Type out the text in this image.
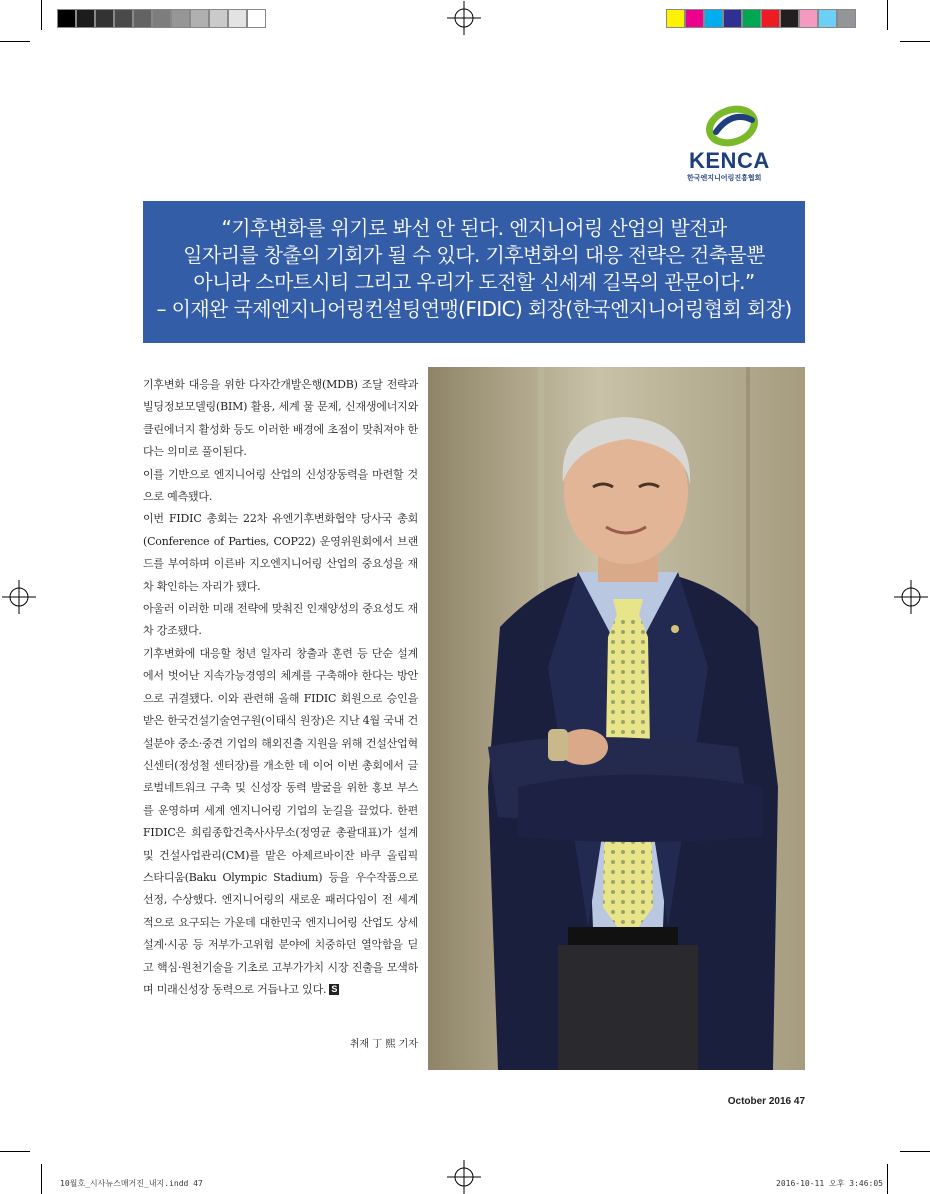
KENCA
한국엔지니어링진흥협회
“기후변화를 위기로 봐선 안 된다. 엔지니어링 산업의 발전과
일자리를 창출의 기회가 될 수 있다. 기후변화의 대응 전략은 건축물뿐
아니라 스마트시티 그리고 우리가 도전할 신세계 길목의 관문이다.”
– 이재완 국제엔지니어링컨설팅연맹(FIDIC) 회장(한국엔지니어링협회 회장)

기후변화 대응을 위한 다자간개발은행(MDB) 조달 전략과 빌딩정보모델링(BIM) 활용, 세계 물 문제, 신재생에너지와 클린에너지 활성화 등도 이러한 배경에 초점이 맞춰져야 한다는 의미로 풀이된다.

이를 기반으로 엔지니어링 산업의 신성장동력을 마련할 것으로 예측됐다.

이번 FIDIC 총회는 22차 유엔기후변화협약 당사국 총회(Conference of Parties, COP22) 운영위원회에서 브랜드를 부여하며 이른바 지오엔지니어링 산업의 중요성을 재차 확인하는 자리가 됐다.

아울러 이러한 미래 전략에 맞춰진 인재양성의 중요성도 재차 강조됐다.

기후변화에 대응할 청년 일자리 창출과 훈련 등 단순 설계에서 벗어난 지속가능경영의 체계를 구축해야 한다는 방안으로 귀결됐다. 이와 관련해 올해 FIDIC 회원으로 승인을 받은 한국건설기술연구원(이태식 원장)은 지난 4월 국내 건설분야 중소·중견 기업의 해외진출 지원을 위해 건설산업혁신센터(정성철 센터장)를 개소한 데 이어 이번 총회에서 글로벌네트워크 구축 및 신성장 동력 발굴을 위한 홍보 부스를 운영하며 세계 엔지니어링 기업의 눈길을 끌었다. 한편 FIDIC은 희림종합건축사사무소(정영균 총괄대표)가 설계 및 건설사업관리(CM)를 맡은 아제르바이잔 바쿠 올림픽 스타디움(Baku Olympic Stadium) 등을 우수작품으로 선정, 수상했다. 엔지니어링의 새로운 패러다임이 전 세계적으로 요구되는 가운데 대한민국 엔지니어링 산업도 상세설계·시공 등 저부가·고위험 분야에 치중하던 열악함을 딛고 핵심·원천기술을 기초로 고부가가치 시장 진출을 모색하며 미래신성장 동력으로 거듭나고 있다. S

취재 丁 熙 기자
October 2016 47
10월호_시사뉴스매거진_내지.indd 47	2016-10-11 오후 3:46:05
